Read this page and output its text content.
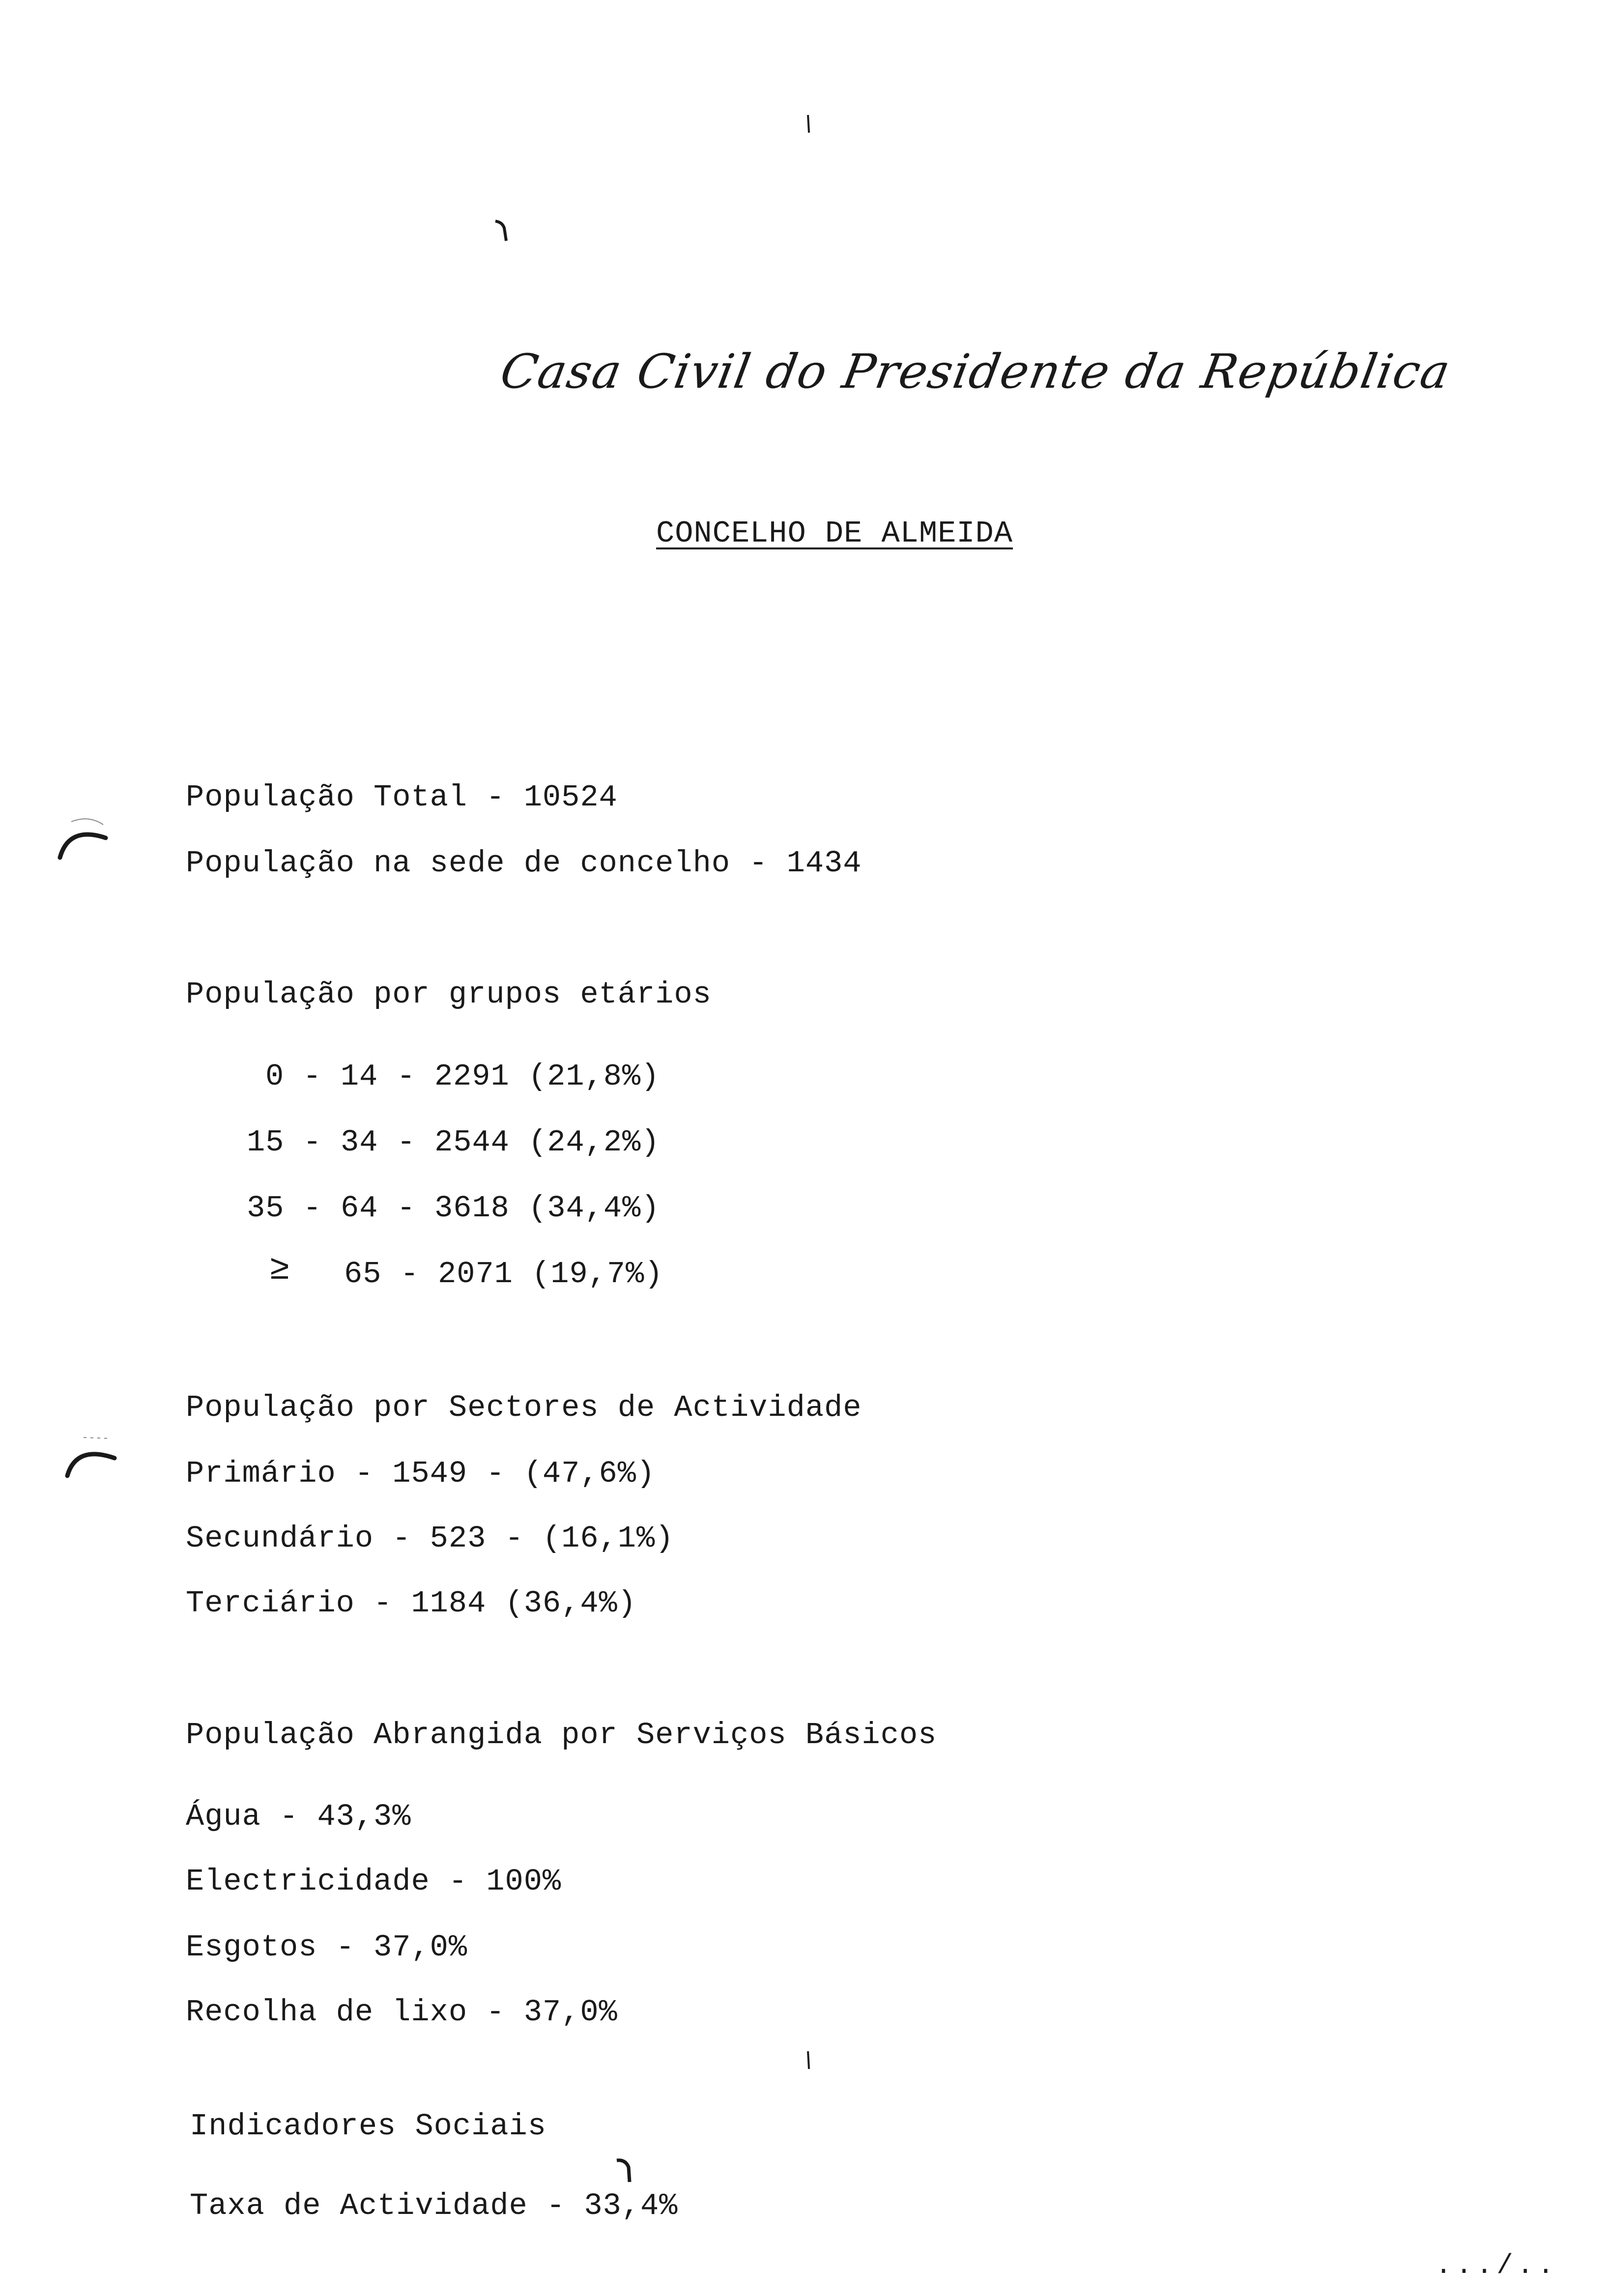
Casa Civil do Presidente da República
CONCELHO DE ALMEIDA
População Total - 10524
População na sede de concelho - 1434
População por grupos etários
0 - 14 - 2291 (21,8%)
15 - 34 - 2544 (24,2%)
35 - 64 - 3618 (34,4%)
≥ 65 - 2071 (19,7%)
População por Sectores de Actividade
Primário - 1549 - (47,6%)
Secundário - 523 - (16,1%)
Terciário - 1184 (36,4%)
População Abrangida por Serviços Básicos
Água - 43,3%
Electricidade - 100%
Esgotos - 37,0%
Recolha de lixo - 37,0%
Indicadores Sociais
Taxa de Actividade - 33,4%
.../..
